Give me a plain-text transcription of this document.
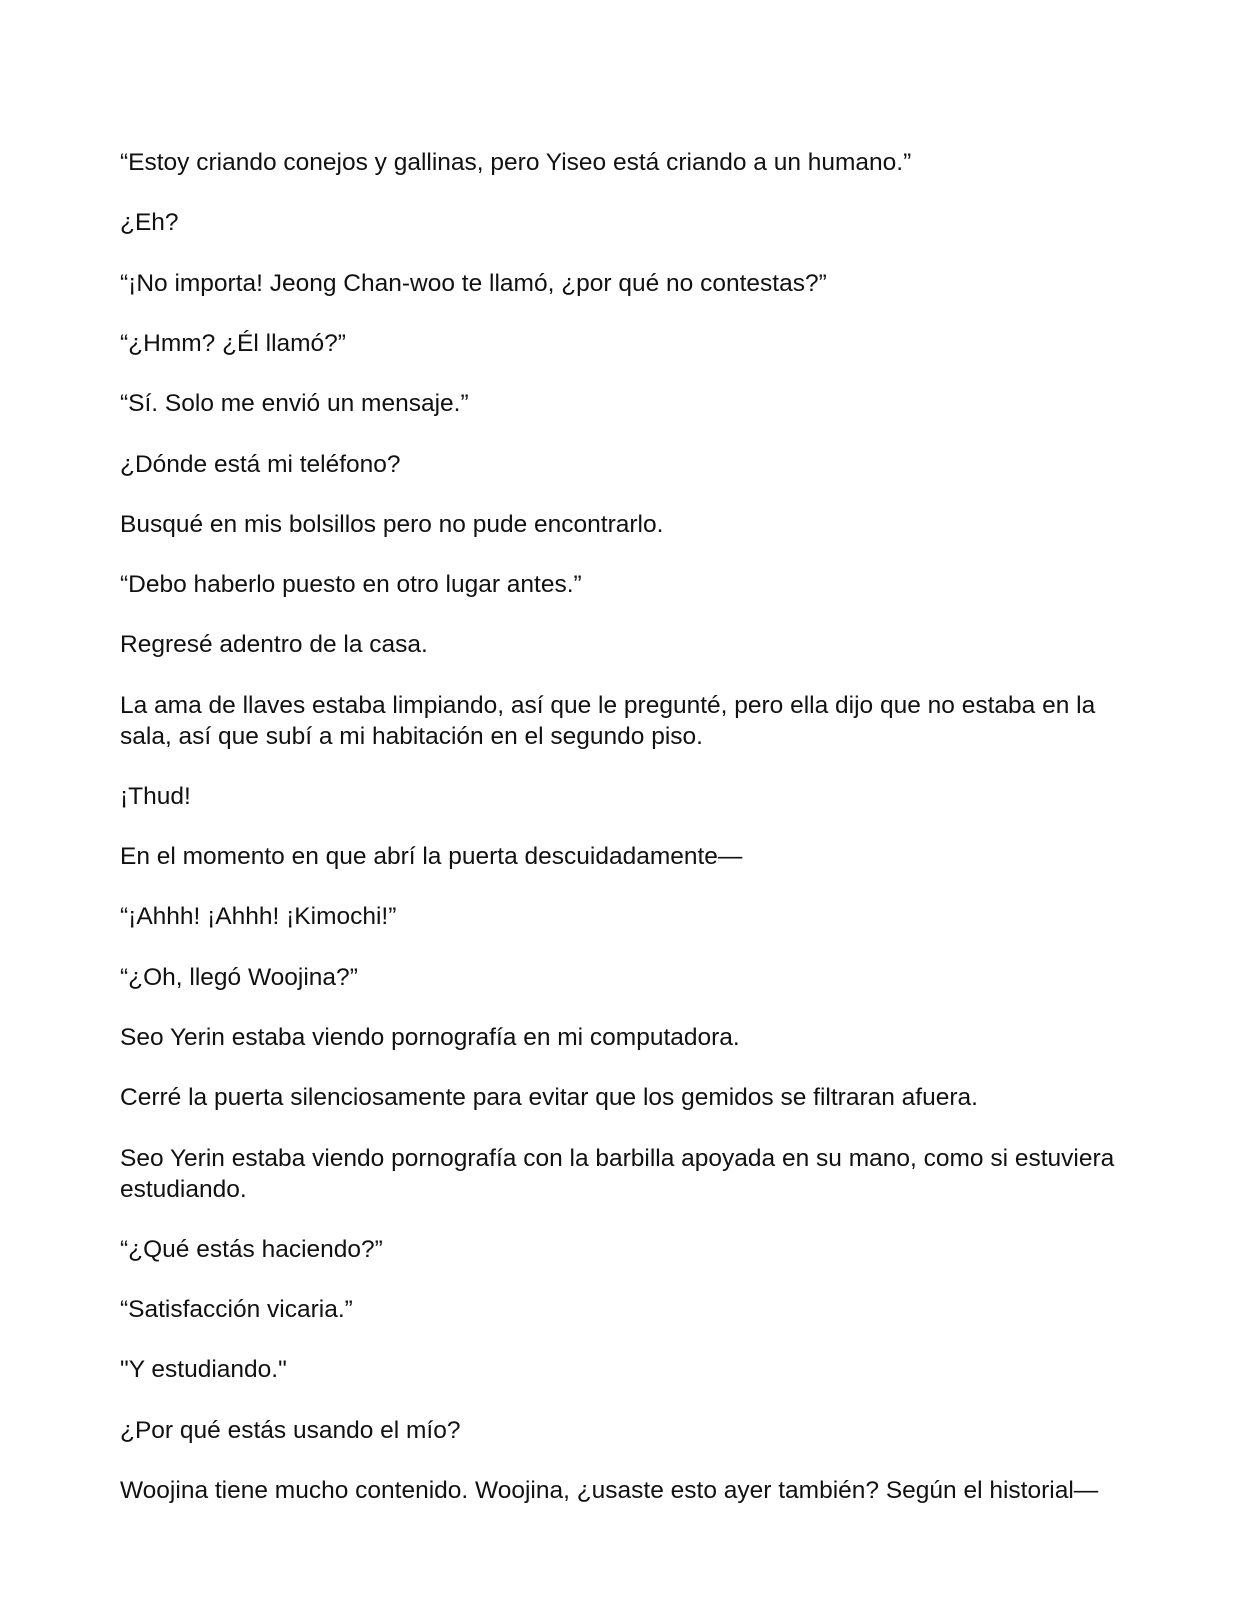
“Estoy criando conejos y gallinas, pero Yiseo está criando a un humano.”

¿Eh?

“¡No importa! Jeong Chan-woo te llamó, ¿por qué no contestas?”

“¿Hmm? ¿Él llamó?”

“Sí. Solo me envió un mensaje.”

¿Dónde está mi teléfono?

Busqué en mis bolsillos pero no pude encontrarlo.

“Debo haberlo puesto en otro lugar antes.”

Regresé adentro de la casa.

La ama de llaves estaba limpiando, así que le pregunté, pero ella dijo que no estaba en la sala, así que subí a mi habitación en el segundo piso.

¡Thud!

En el momento en que abrí la puerta descuidadamente—

“¡Ahhh! ¡Ahhh! ¡Kimochi!”

“¿Oh, llegó Woojina?”

Seo Yerin estaba viendo pornografía en mi computadora.

Cerré la puerta silenciosamente para evitar que los gemidos se filtraran afuera.

Seo Yerin estaba viendo pornografía con la barbilla apoyada en su mano, como si estuviera estudiando.

“¿Qué estás haciendo?”

“Satisfacción vicaria.”

"Y estudiando."

¿Por qué estás usando el mío?

Woojina tiene mucho contenido. Woojina, ¿usaste esto ayer también? Según el historial—
